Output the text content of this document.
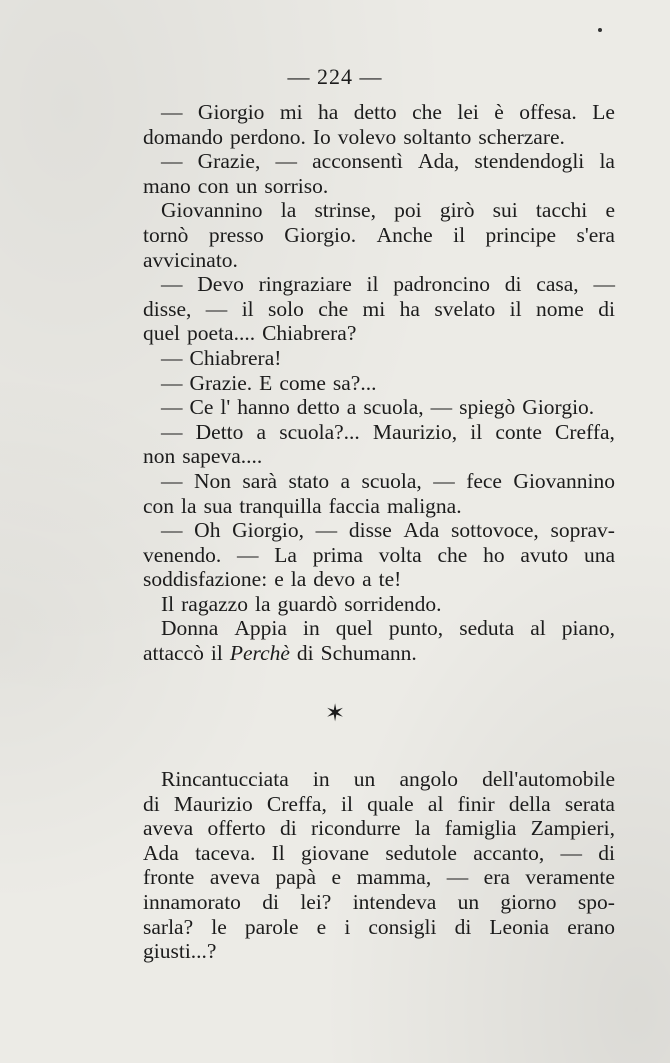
— 224 —
— Giorgio mi ha detto che lei è offesa. Le
domando perdono. Io volevo soltanto scherzare.
— Grazie, — acconsentì Ada, stendendogli la
mano con un sorriso.
Giovannino la strinse, poi girò sui tacchi e
tornò presso Giorgio. Anche il principe s'era
avvicinato.
— Devo ringraziare il padroncino di casa, —
disse, — il solo che mi ha svelato il nome di
quel poeta.... Chiabrera?
— Chiabrera!
— Grazie. E come sa?...
— Ce l' hanno detto a scuola, — spiegò Giorgio.
— Detto a scuola?... Maurizio, il conte Creffa,
non sapeva....
— Non sarà stato a scuola, — fece Giovannino
con la sua tranquilla faccia maligna.
— Oh Giorgio, — disse Ada sottovoce, soprav-
venendo. — La prima volta che ho avuto una
soddisfazione: e la devo a te!
Il ragazzo la guardò sorridendo.
Donna Appia in quel punto, seduta al piano,
attaccò il Perchè di Schumann.
✶
Rincantucciata in un angolo dell'automobile
di Maurizio Creffa, il quale al finir della serata
aveva offerto di ricondurre la famiglia Zampieri,
Ada taceva. Il giovane sedutole accanto, — di
fronte aveva papà e mamma, — era veramente
innamorato di lei? intendeva un giorno spo-
sarla? le parole e i consigli di Leonia erano
giusti...?
